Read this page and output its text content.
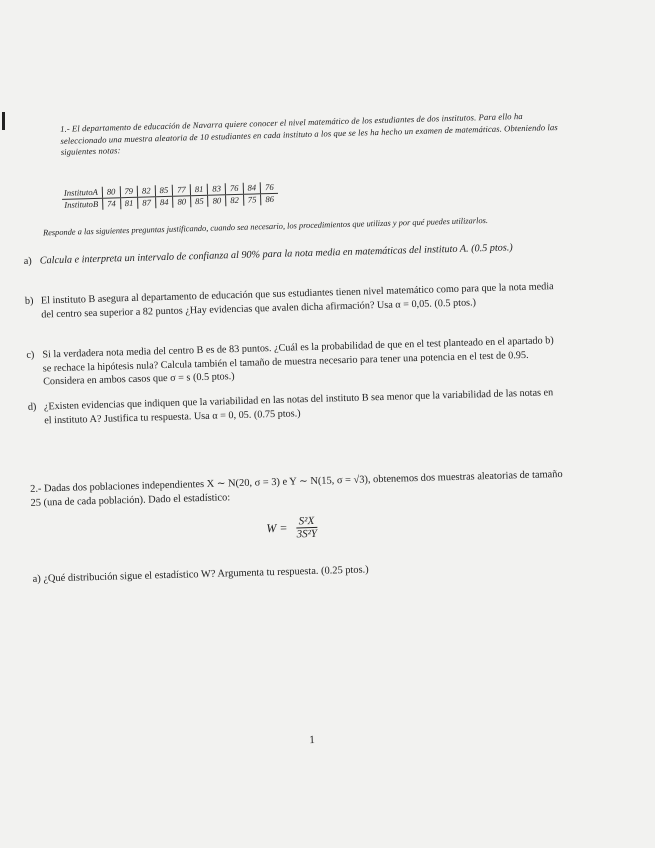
1.- El departamento de educación de Navarra quiere conocer el nivel matemático de los estudiantes de dos institutos. Para ello ha seleccionado una muestra aleatoria de 10 estudiantes en cada instituto a los que se les ha hecho un examen de matemáticas. Obteniendo las siguientes notas:

InstitutoA	80	79	82	85	77	81	83	76	84	76
InstitutoB	74	81	87	84	80	85	80	82	75	86

Responde a las siguientes preguntas justificando, cuando sea necesario, los procedimientos que utilizas y por qué puedes utilizarlos.

a) Calcula e interpreta un intervalo de confianza al 90% para la nota media en matemáticas del instituto A. (0.5 ptos.)
b) El instituto B asegura al departamento de educación que sus estudiantes tienen nivel matemático como para que la nota media del centro sea superior a 82 puntos ¿Hay evidencias que avalen dicha afirmación? Usa α = 0,05. (0.5 ptos.)
c) Si la verdadera nota media del centro B es de 83 puntos. ¿Cuál es la probabilidad de que en el test planteado en el apartado b) se rechace la hipótesis nula? Calcula también el tamaño de muestra necesario para tener una potencia en el test de 0.95. Considera en ambos casos que σ = s (0.5 ptos.)
d) ¿Existen evidencias que indiquen que la variabilidad en las notas del instituto B sea menor que la variabilidad de las notas en el instituto A? Justifica tu respuesta. Usa α = 0, 05. (0.75 ptos.)

2.- Dadas dos poblaciones independientes X ∼ N(20, σ = 3) e Y ∼ N(15, σ = √3), obtenemos dos muestras aleatorias de tamaño 25 (una de cada población). Dado el estadístico:

$W = \frac{\text{S²X}}{\text{3S²Y}}$
a) ¿Qué distribución sigue el estadístico W? Argumenta tu respuesta. (0.25 ptos.)
1
